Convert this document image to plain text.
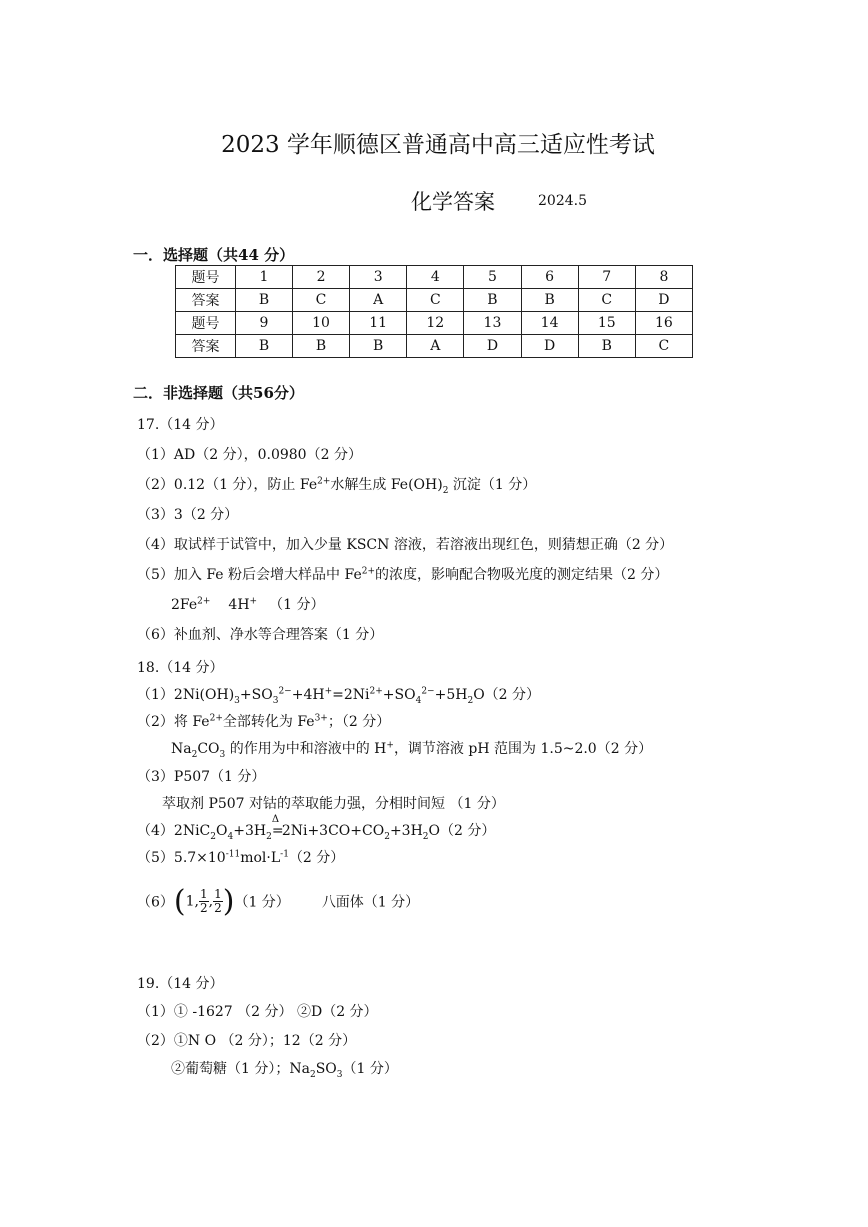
2023 学年顺德区普通高中高三适应性考试
化学答案	2024.5
一．选择题（共44 分）
题号	1	2	3	4	5	6	7	8
答案	B	C	A	C	B	B	C	D
题号	9	10	11	12	13	14	15	16
答案	B	B	B	A	D	D	B	C
二．非选择题（共56分）
17.（14 分）
（1）AD（2 分），0.0980（2 分）
（2）0.12（1 分），防止 $Fe^{2+}$水解生成 $Fe(OH)_2$ 沉淀（1 分）
（3）3（2 分）
（4）取试样于试管中，加入少量 KSCN 溶液，若溶液出现红色，则猜想正确（2 分）
（5）加入 Fe 粉后会增大样品中 $Fe^{2+}$的浓度，影响配合物吸光度的测定结果（2 分）
$2Fe^{2+}$ 4H+ （1 分）
（6）补血剂、净水等合理答案（1 分）
18.（14 分）
$(1)2Ni(OH)_3+SO_3^{2-}+4H^+=2Ni^{2+}+SO_4^{2-}+5H_2O(2$ 分）
（2）将 $Fe^{2+}$全部转化为 $Fe^{3+}$；（2 分）
$Na_2CO_3$ 的作用为中和溶液中的 H+，调节溶液 pH 范围为 1.5~2.0（2 分）
（3）P507（1 分）
萃取剂 P507 对钴的萃取能力强，分相时间短 （1 分）
$(4)2NiC_2O_4+3H_2$
Δ
$=2Ni+3CO+CO_2+3H_2O(2$ 分）
$(5)5.7\times 10^{-11}mol\cdot L^{-1}(2$ 分）
（6）(1, $\frac{1}{2}$ , $\frac{1}{2} )(1$ 分） 八面体（1 分）
19.（14 分）
（1）① -1627 （2 分） ②D（2 分）
（2）①N O （2 分）；12（2 分）
②葡萄糖（1 分）；$Na_2SO_3(1$ 分）
